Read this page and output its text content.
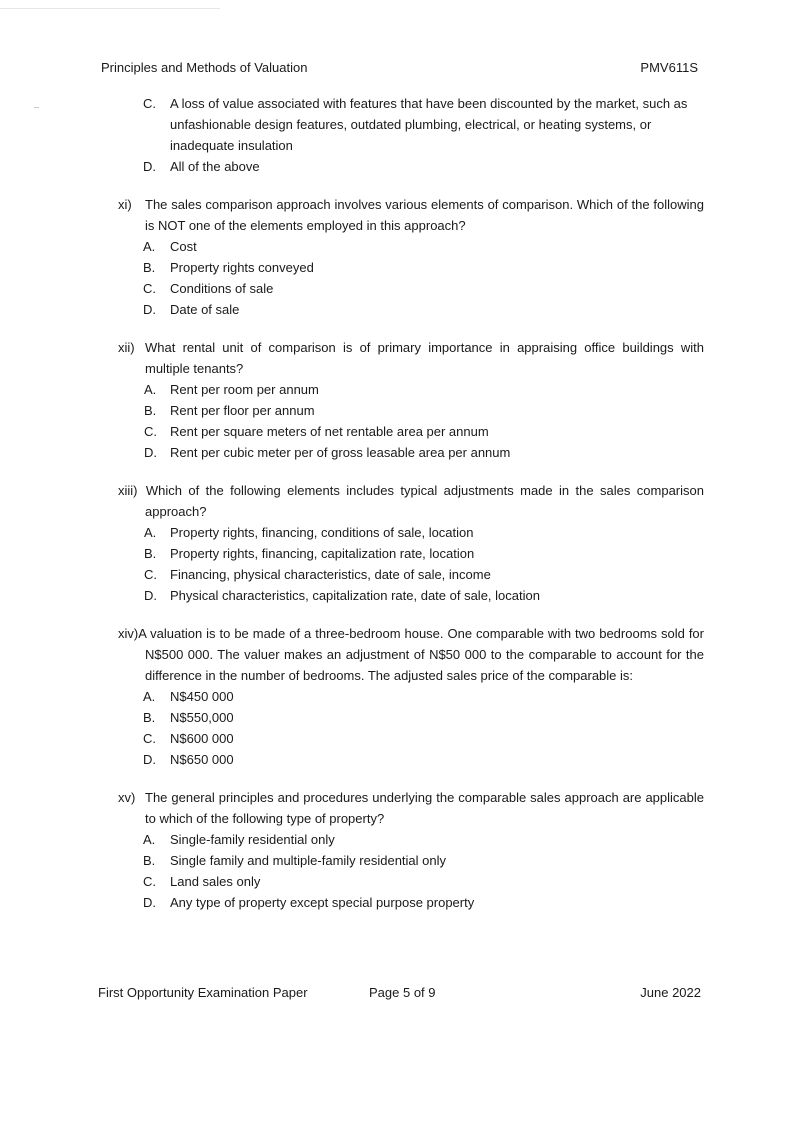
Principles and Methods of Valuation	PMV611S
C. A loss of value associated with features that have been discounted by the market, such as unfashionable design features, outdated plumbing, electrical, or heating systems, or inadequate insulation
D. All of the above
xi) The sales comparison approach involves various elements of comparison. Which of the following is NOT one of the elements employed in this approach?
A. Cost
B. Property rights conveyed
C. Conditions of sale
D. Date of sale
xii) What rental unit of comparison is of primary importance in appraising office buildings with multiple tenants?
A. Rent per room per annum
B. Rent per floor per annum
C. Rent per square meters of net rentable area per annum
D. Rent per cubic meter per of gross leasable area per annum
xiii) Which of the following elements includes typical adjustments made in the sales comparison approach?
A. Property rights, financing, conditions of sale, location
B. Property rights, financing, capitalization rate, location
C. Financing, physical characteristics, date of sale, income
D. Physical characteristics, capitalization rate, date of sale, location
xiv)A valuation is to be made of a three-bedroom house. One comparable with two bedrooms sold for N$500 000. The valuer makes an adjustment of N$50 000 to the comparable to account for the difference in the number of bedrooms. The adjusted sales price of the comparable is:
A. N$450 000
B. N$550,000
C. N$600 000
D. N$650 000
xv) The general principles and procedures underlying the comparable sales approach are applicable to which of the following type of property?
A. Single-family residential only
B. Single family and multiple-family residential only
C. Land sales only
D. Any type of property except special purpose property
First Opportunity Examination Paper	Page 5 of 9	June 2022
